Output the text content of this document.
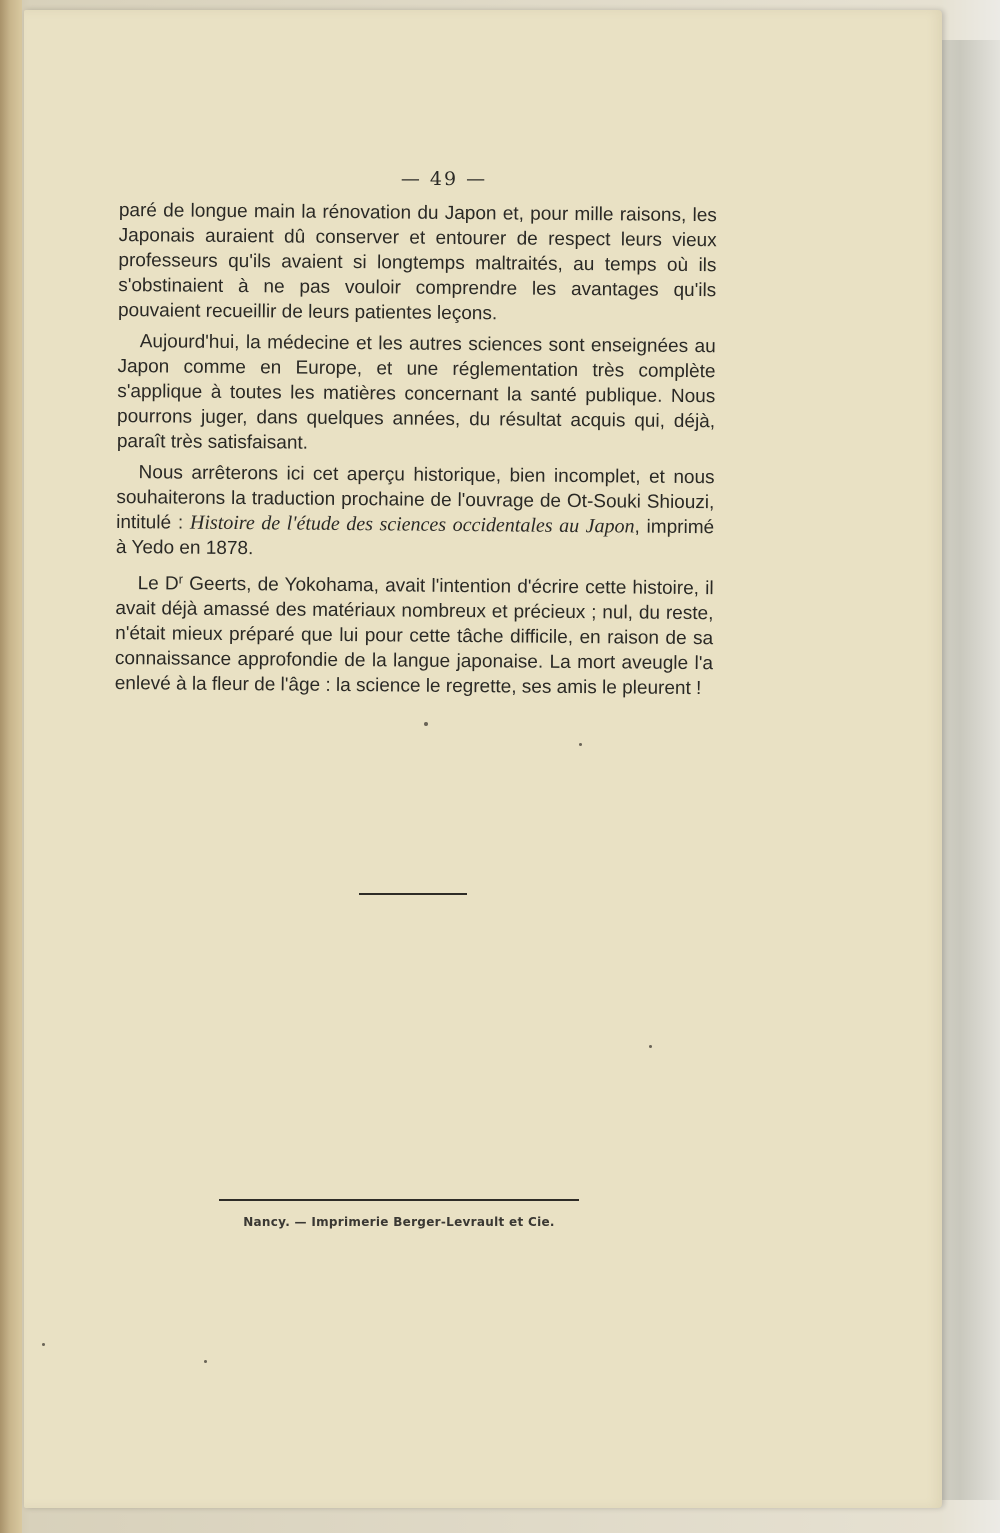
— 49 —

paré de longue main la rénovation du Japon et, pour mille raisons, les Japonais auraient dû conserver et entourer de respect leurs vieux professeurs qu'ils avaient si longtemps maltraités, au temps où ils s'obstinaient à ne pas vouloir comprendre les avantages qu'ils pouvaient recueillir de leurs patientes leçons.

Aujourd'hui, la médecine et les autres sciences sont enseignées au Japon comme en Europe, et une réglementation très complète s'applique à toutes les matières concernant la santé publique. Nous pourrons juger, dans quelques années, du résultat acquis qui, déjà, paraît très satisfaisant.

Nous arrêterons ici cet aperçu historique, bien incomplet, et nous souhaiterons la traduction prochaine de l'ouvrage de Ot-Souki Shiouzi, intitulé : Histoire de l'étude des sciences occidentales au Japon, imprimé à Yedo en 1878.

Le $D^r$ Geerts, de Yokohama, avait l'intention d'écrire cette histoire, il avait déjà amassé des matériaux nombreux et précieux ; nul, du reste, n'était mieux préparé que lui pour cette tâche difficile, en raison de sa connaissance approfondie de la langue japonaise. La mort aveugle l'a enlevé à la fleur de l'âge : la science le regrette, ses amis le pleurent !

Nancy. — Imprimerie Berger-Levrault et Cie.
